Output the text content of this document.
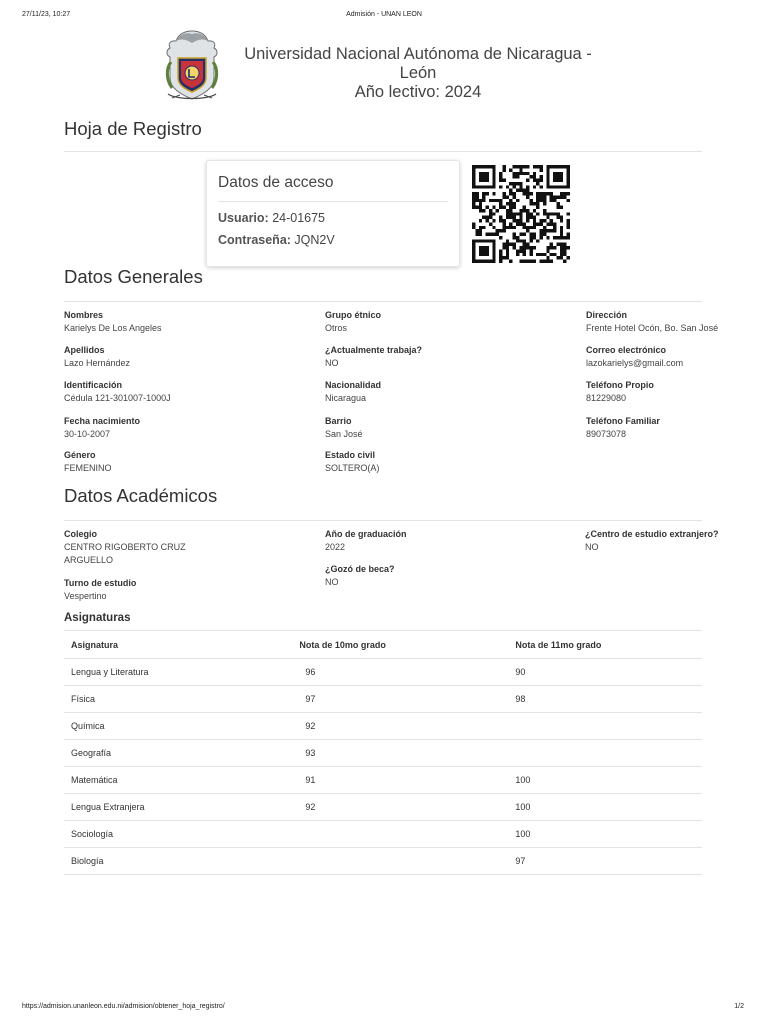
27/11/23, 10:27	Admisión - UNAN LEON
Universidad Nacional Autónoma de Nicaragua - León
Año lectivo: 2024
Hoja de Registro
Datos de acceso
Usuario: 24-01675
Contraseña: JQN2V
Datos Generales
Nombres
Karielys De Los Angeles
Apellidos
Lazo Hernández
Identificación
Cédula 121-301007-1000J
Fecha nacimiento
30-10-2007
Género
FEMENINO
Grupo étnico
Otros
¿Actualmente trabaja?
NO
Nacionalidad
Nicaragua
Barrio
San José
Estado civil
SOLTERO(A)
Dirección
Frente Hotel Ocón, Bo. San José
Correo electrónico
lazokarielys@gmail.com
Teléfono Propio
81229080
Teléfono Familiar
89073078
Datos Académicos
Colegio
CENTRO RIGOBERTO CRUZ
ARGUELLO
Turno de estudio
Vespertino
Año de graduación
2022
¿Gozó de beca?
NO
¿Centro de estudio extranjero?
NO
Asignaturas
Asignatura	Nota de 10mo grado	Nota de 11mo grado
Lengua y Literatura	96	90
Física	97	98
Química	92	
Geografía	93	
Matemática	91	100
Lengua Extranjera	92	100
Sociología		100
Biología		97
https://admision.unanleon.edu.ni/admision/obtener_hoja_registro/	1/2
